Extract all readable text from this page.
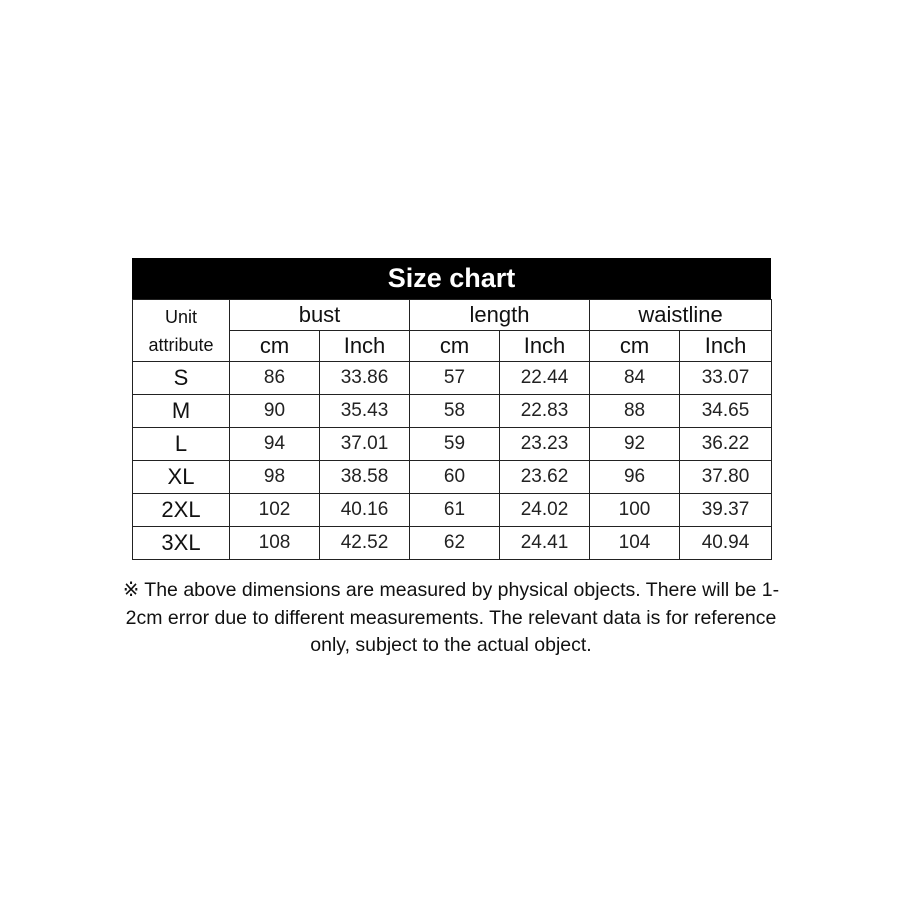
Size chart
Unit attribute	bust		length		waistline	
	cm	Inch	cm	Inch	cm	Inch
S	86	33.86	57	22.44	84	33.07
M	90	35.43	58	22.83	88	34.65
L	94	37.01	59	23.23	92	36.22
XL	98	38.58	60	23.62	96	37.80
2XL	102	40.16	61	24.02	100	39.37
3XL	108	42.52	62	24.41	104	40.94
※ The above dimensions are measured by physical objects. There will be 1-2cm error due to different measurements. The relevant data is for reference only, subject to the actual object.
